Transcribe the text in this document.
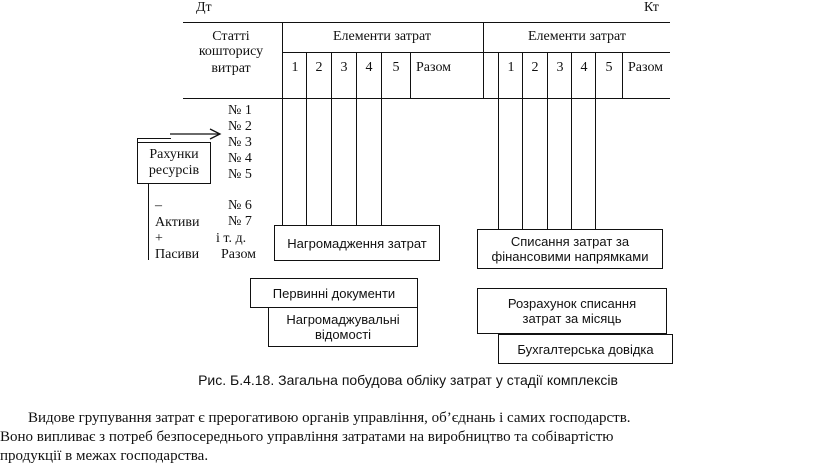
Дт	Кт
Статті
кошторису
витрат
Елементи затрат	Елементи затрат
1	2	3	4	5	Разом	1	2	3	4	5	Разом
№ 1
№ 2
№ 3
№ 4
№ 5
№ 6
№ 7
і т. д.
Разом
Рахунки
ресурсів
–
Активи
+
Пасиви
Нагромадження затрат	Списання затрат за
фінансовими напрямками
Первинні документи
Нагромаджувальні
відомості
Розрахунок списання
затрат за місяць
Бухгалтерська довідка
Рис. Б.4.18. Загальна побудова обліку затрат у стадії комплексів
Видове групування затрат є прерогативою органів управління, об’єднань і самих господарств.
Воно випливає з потреб безпосереднього управління затратами на виробництво та собівартістю
продукції в межах господарства.
